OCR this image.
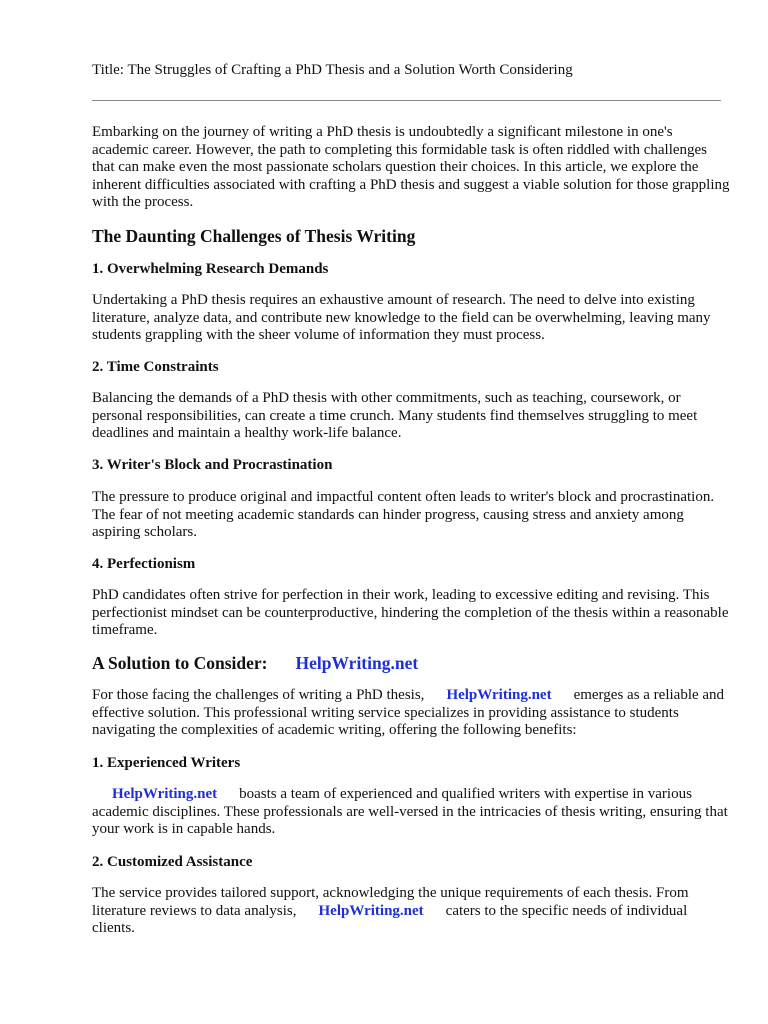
Title: The Struggles of Crafting a PhD Thesis and a Solution Worth Considering

Embarking on the journey of writing a PhD thesis is undoubtedly a significant milestone in one's academic career. However, the path to completing this formidable task is often riddled with challenges that can make even the most passionate scholars question their choices. In this article, we explore the inherent difficulties associated with crafting a PhD thesis and suggest a viable solution for those grappling with the process.

The Daunting Challenges of Thesis Writing
1. Overwhelming Research Demands

Undertaking a PhD thesis requires an exhaustive amount of research. The need to delve into existing literature, analyze data, and contribute new knowledge to the field can be overwhelming, leaving many students grappling with the sheer volume of information they must process.

2. Time Constraints

Balancing the demands of a PhD thesis with other commitments, such as teaching, coursework, or personal responsibilities, can create a time crunch. Many students find themselves struggling to meet deadlines and maintain a healthy work-life balance.

3. Writer's Block and Procrastination

The pressure to produce original and impactful content often leads to writer's block and procrastination. The fear of not meeting academic standards can hinder progress, causing stress and anxiety among aspiring scholars.

4. Perfectionism

PhD candidates often strive for perfection in their work, leading to excessive editing and revising. This perfectionist mindset can be counterproductive, hindering the completion of the thesis within a reasonable timeframe.

A Solution to Consider: HelpWriting.net

For those facing the challenges of writing a PhD thesis, HelpWriting.net emerges as a reliable and effective solution. This professional writing service specializes in providing assistance to students navigating the complexities of academic writing, offering the following benefits:

1. Experienced Writers

HelpWriting.net boasts a team of experienced and qualified writers with expertise in various academic disciplines. These professionals are well-versed in the intricacies of thesis writing, ensuring that your work is in capable hands.

2. Customized Assistance

The service provides tailored support, acknowledging the unique requirements of each thesis. From literature reviews to data analysis, HelpWriting.net caters to the specific needs of individual clients.
